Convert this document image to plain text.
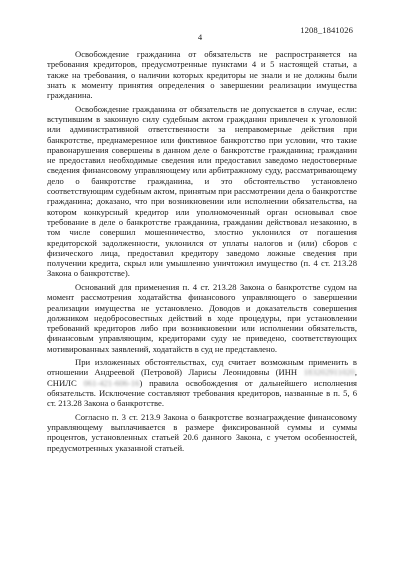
1208_1841026
4

Освобождение гражданина от обязательств не распространяется на требования кредиторов, предусмотренные пунктами 4 и 5 настоящей статьи, а также на требования, о наличии которых кредиторы не знали и не должны были знать к моменту принятия определения о завершении реализации имущества гражданина.

Освобождение гражданина от обязательств не допускается в случае, если: вступившим в законную силу судебным актом гражданин привлечен к уголовной или административной ответственности за неправомерные действия при банкротстве, преднамеренное или фиктивное банкротство при условии, что такие правонарушения совершены в данном деле о банкротстве гражданина; гражданин не предоставил необходимые сведения или предоставил заведомо недостоверные сведения финансовому управляющему или арбитражному суду, рассматривающему дело о банкротстве гражданина, и это обстоятельство установлено соответствующим судебным актом, принятым при рассмотрении дела о банкротстве гражданина; доказано, что при возникновении или исполнении обязательства, на котором конкурсный кредитор или уполномоченный орган основывал свое требование в деле о банкротстве гражданина, гражданин действовал незаконно, в том числе совершил мошенничество, злостно уклонился от погашения кредиторской задолженности, уклонился от уплаты налогов и (или) сборов с физического лица, предоставил кредитору заведомо ложные сведения при получении кредита, скрыл или умышленно уничтожил имущество (п. 4 ст. 213.28 Закона о банкротстве).

Оснований для применения п. 4 ст. 213.28 Закона о банкротстве судом на момент рассмотрения ходатайства финансового управляющего о завершении реализации имущества не установлено. Доводов и доказательств совершения должником недобросовестных действий в ходе процедуры, при установлении требований кредиторов либо при возникновении или исполнении обязательств, финансовым управляющим, кредиторами суду не приведено, соответствующих мотивированных заявлений, ходатайств в суд не представлено.

При изложенных обстоятельствах, суд считает возможным применить в отношении Андреевой (Петровой) Ларисы Леонидовны (ИНН 183202911020, СНИЛС 061-421-606-16) правила освобождения от дальнейшего исполнения обязательств. Исключение составляют требования кредиторов, названные в п. 5, 6 ст. 213.28 Закона о банкротстве.

Согласно п. 3 ст. 213.9 Закона о банкротстве вознаграждение финансовому управляющему выплачивается в размере фиксированной суммы и суммы процентов, установленных статьей 20.6 данного Закона, с учетом особенностей, предусмотренных указанной статьей.
